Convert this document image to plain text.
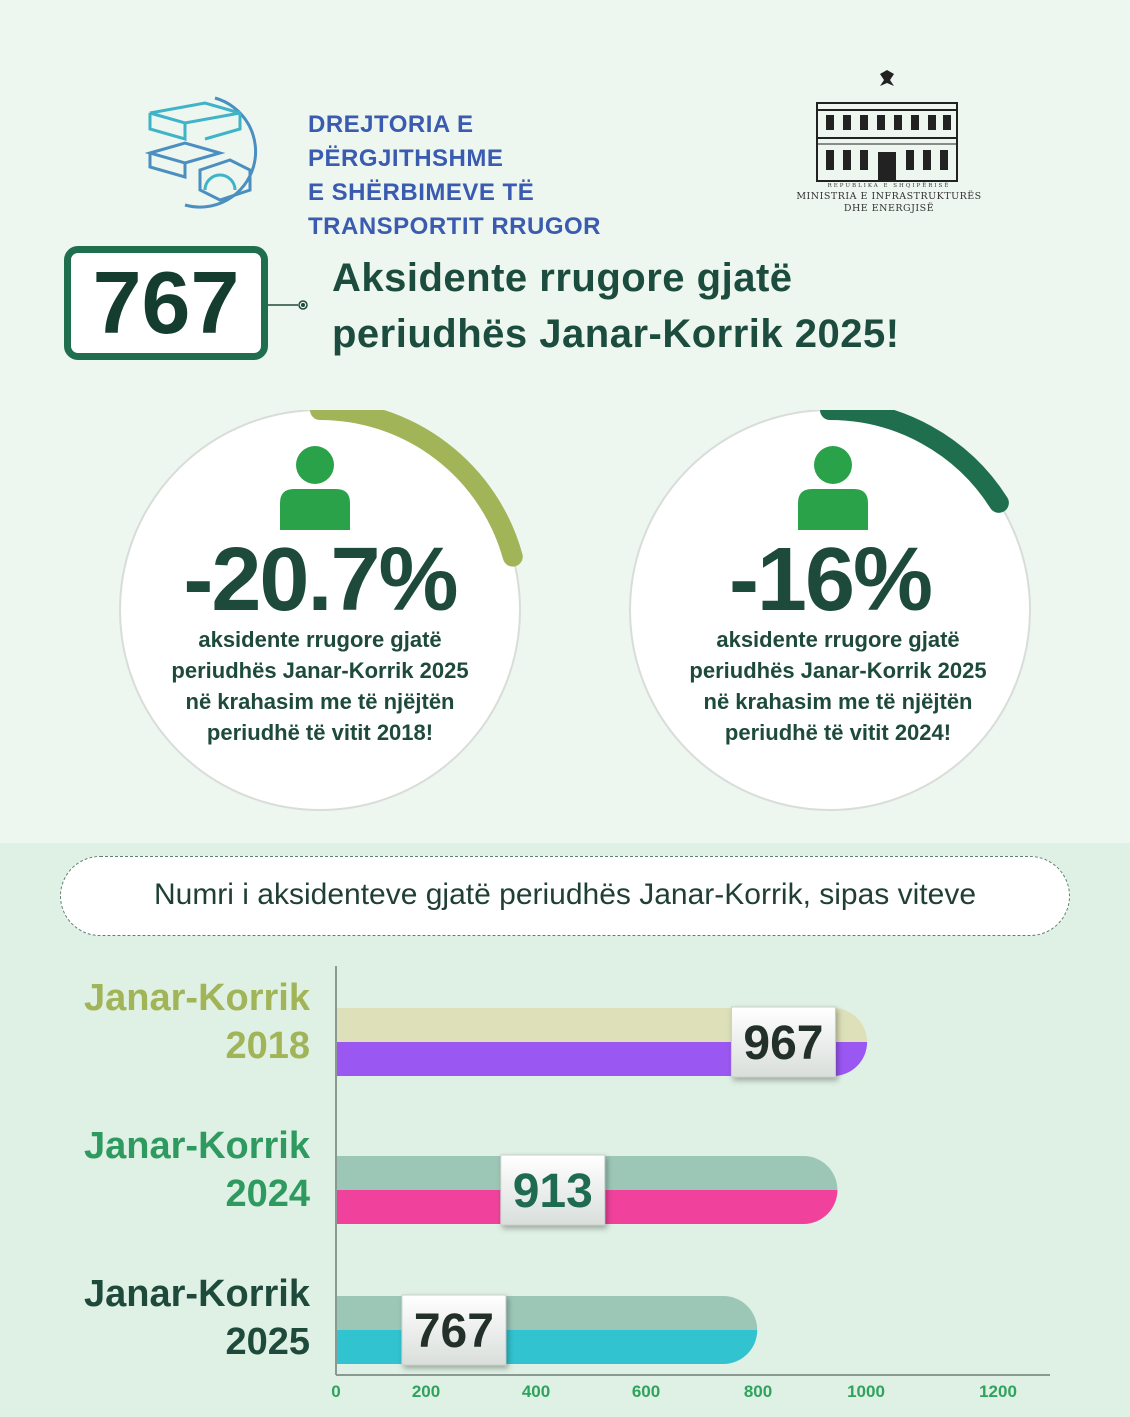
DREJTORIA E PËRGJITHSHME
E SHËRBIMEVE TË
TRANSPORTIT RRUGOR
REPUBLIKA E SHQIPËRISË
MINISTRIA E INFRASTRUKTURËS
DHE ENERGJISË
767	Aksidente rrugore gjatë
periudhës Janar-Korrik 2025!
-20.7%
aksidente rrugore gjatë
periudhës Janar-Korrik 2025
në krahasim me të njëjtën
periudhë të vitit 2018!
-16%
aksidente rrugore gjatë
periudhës Janar-Korrik 2025
në krahasim me të njëjtën
periudhë të vitit 2024!
Numri i aksidenteve gjatë periudhës Janar-Korrik, sipas viteve
Janar-Korrik
2018
Janar-Korrik
2024
Janar-Korrik
2025
967
913
767
0	200	400	600	800	1000	1200
